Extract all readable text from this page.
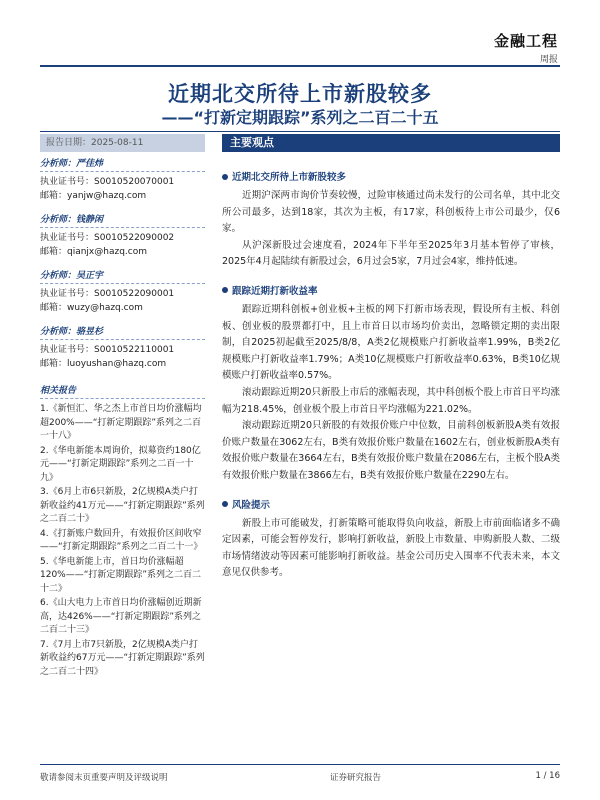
金融工程
周报
近期北交所待上市新股较多
——“打新定期跟踪”系列之二百二十五
报告日期：2025-08-11	主要观点
分析师：严佳炜
执业证书号：S0010520070001
邮箱：yanjw@hazq.com
分析师：钱静闲
执业证书号：S0010522090002
邮箱：qianjx@hazq.com
分析师：吴正宇
执业证书号：S0010522090001
邮箱：wuzy@hazq.com
分析师：骆昱杉
执业证书号：S0010522110001
邮箱：luoyushan@hazq.com
相关报告
1.《新恒汇、华之杰上市首日均价涨幅均超200%——“打新定期跟踪”系列之二百一十八》
2.《华电新能本周询价，拟募资约180亿元——“打新定期跟踪”系列之二百一十九》
3.《6月上市6只新股，2亿规模A类户打新收益约41万元——“打新定期跟踪”系列之二百二十》
4.《打新账户数回升，有效报价区间收窄——“打新定期跟踪”系列之二百二十一》
5.《华电新能上市，首日均价涨幅超120%——“打新定期跟踪”系列之二百二十二》
6.《山大电力上市首日均价涨幅创近期新高，达426%——“打新定期跟踪”系列之二百二十三》
7.《7月上市7只新股，2亿规模A类户打新收益约67万元——“打新定期跟踪”系列之二百二十四》
近期北交所待上市新股较多

近期沪深两市询价节奏较慢，过险审核通过尚未发行的公司名单，其中北交所公司最多，达到18家，其次为主板，有17家，科创板待上市公司最少，仅6家。

从沪深新股过会速度看，2024年下半年至2025年3月基本暂停了审核，2025年4月起陆续有新股过会，6月过会5家，7月过会4家，维持低速。

跟踪近期打新收益率

跟踪近期科创板+创业板+主板的网下打新市场表现，假设所有主板、科创板、创业板的股票都打中，且上市首日以市场均价卖出，忽略锁定期的卖出限制，自2025初起截至2025/8/8，A类2亿规模账户打新收益率1.99%，B类2亿规模账户打新收益率1.79%；A类10亿规模账户打新收益率0.63%，B类10亿规模账户打新收益率0.57%。

滚动跟踪近期20只新股上市后的涨幅表现，其中科创板个股上市首日平均涨幅为218.45%，创业板个股上市首日平均涨幅为221.02%。

滚动跟踪近期20只新股的有效报价账户中位数，目前科创板新股A类有效报价账户数量在3062左右，B类有效报价账户数量在1602左右，创业板新股A类有效报价账户数量在3664左右，B类有效报价账户数量在2086左右，主板个股A类有效报价账户数量在3866左右，B类有效报价账户数量在2290左右。

风险提示

新股上市可能破发，打新策略可能取得负向收益，新股上市前面临诸多不确定因素，可能会暂停发行，影响打新收益，新股上市数量、申购新股人数、二级市场情绪波动等因素可能影响打新收益。基金公司历史入围率不代表未来，本文意见仅供参考。

敬请参阅末页重要声明及评级说明	证券研究报告	1 / 16
